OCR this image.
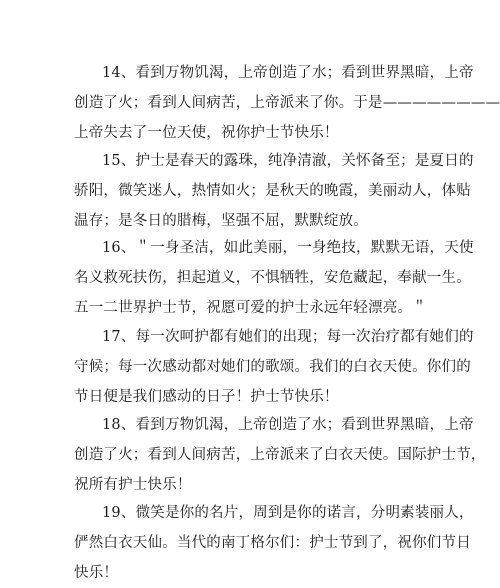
14、看到万物饥渴，上帝创造了水；看到世界黑暗，上帝
创造了火；看到人间病苦，上帝派来了你。于是————————
上帝失去了一位天使，祝你护士节快乐！
15、护士是春天的露珠，纯净清澈，关怀备至；是夏日的
骄阳，微笑迷人，热情如火；是秋天的晚霞，美丽动人，体贴
温存；是冬日的腊梅，坚强不屈，默默绽放。
16、＂一身圣洁，如此美丽，一身绝技，默默无语，天使
名义救死扶伤，担起道义，不惧牺牲，安危藏起，奉献一生。
五一二世界护士节，祝愿可爱的护士永远年轻漂亮。＂
17、每一次呵护都有她们的出现；每一次治疗都有她们的
守候；每一次感动都对她们的歌颂。我们的白衣天使。你们的
节日便是我们感动的日子！护士节快乐！
18、看到万物饥渴，上帝创造了水；看到世界黑暗，上帝
创造了火；看到人间病苦，上帝派来了白衣天使。国际护士节，
祝所有护士快乐！
19、微笑是你的名片，周到是你的诺言，分明素装丽人，
俨然白衣天仙。当代的南丁格尔们：护士节到了，祝你们节日
快乐！
